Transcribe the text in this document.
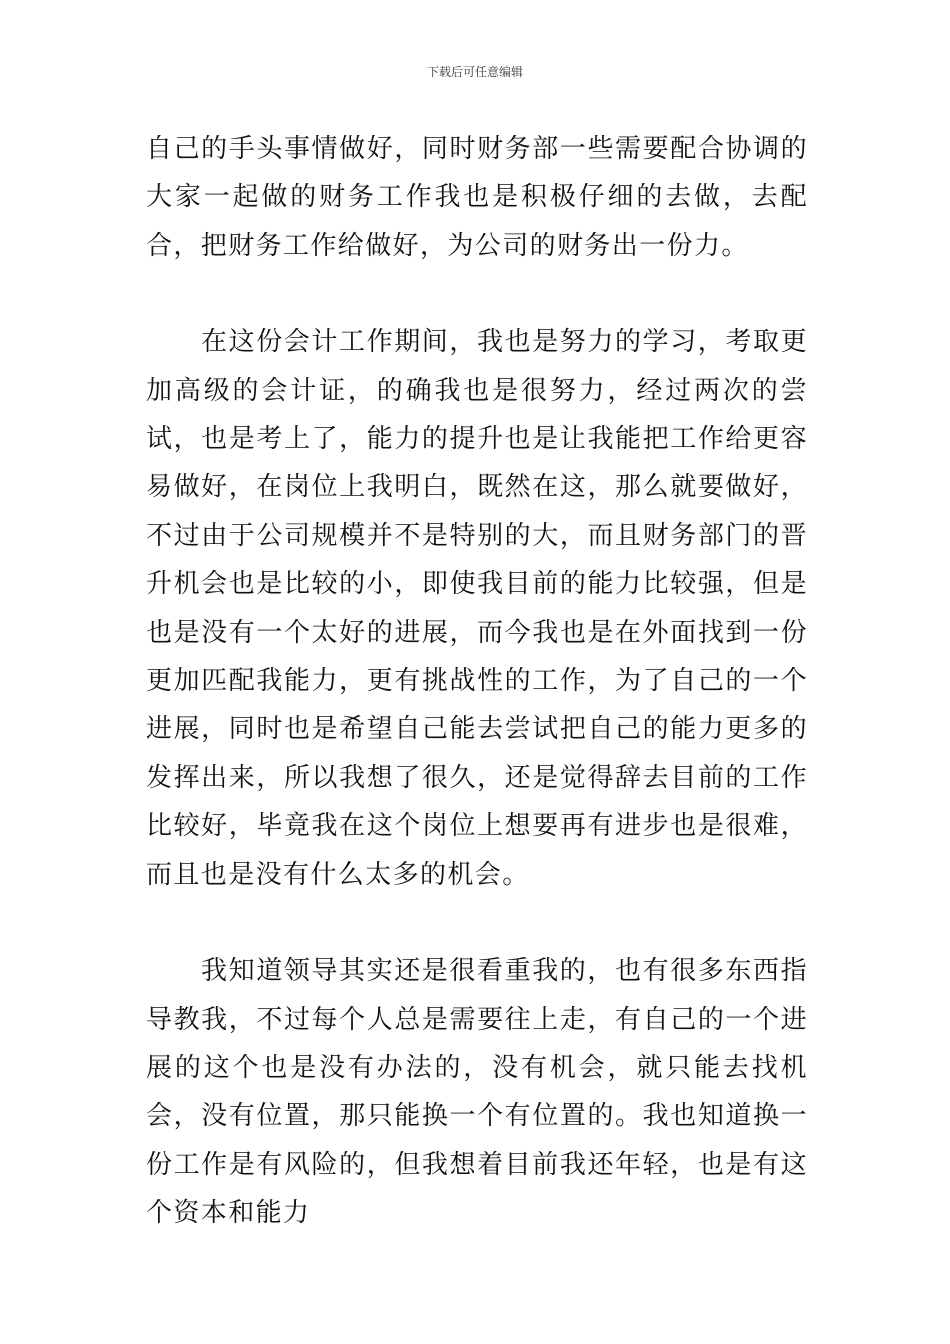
下载后可任意编辑

自己的手头事情做好，同时财务部一些需要配合协调的大家一起做的财务工作我也是积极仔细的去做，去配合，把财务工作给做好，为公司的财务出一份力。

在这份会计工作期间，我也是努力的学习，考取更加高级的会计证，的确我也是很努力，经过两次的尝试，也是考上了，能力的提升也是让我能把工作给更容易做好，在岗位上我明白，既然在这，那么就要做好，不过由于公司规模并不是特别的大，而且财务部门的晋升机会也是比较的小，即使我目前的能力比较强，但是也是没有一个太好的进展，而今我也是在外面找到一份更加匹配我能力，更有挑战性的工作，为了自己的一个进展，同时也是希望自己能去尝试把自己的能力更多的发挥出来，所以我想了很久，还是觉得辞去目前的工作比较好，毕竟我在这个岗位上想要再有进步也是很难，而且也是没有什么太多的机会。

我知道领导其实还是很看重我的，也有很多东西指导教我，不过每个人总是需要往上走，有自己的一个进展的这个也是没有办法的，没有机会，就只能去找机会，没有位置，那只能换一个有位置的。我也知道换一份工作是有风险的，但我想着目前我还年轻，也是有这个资本和能力
